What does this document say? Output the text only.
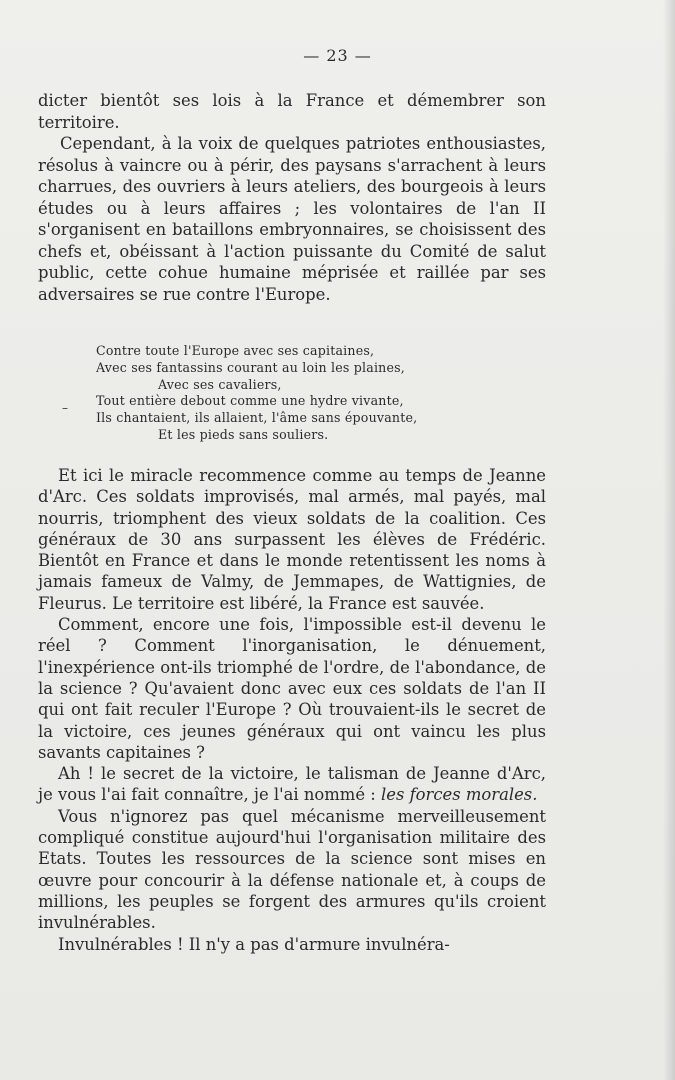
— 23 —

dicter bientôt ses lois à la France et démembrer son territoire.

Cependant, à la voix de quelques patriotes enthousiastes, résolus à vaincre ou à périr, des paysans s'arrachent à leurs charrues, des ouvriers à leurs ateliers, des bourgeois à leurs études ou à leurs affaires ; les volontaires de l'an II s'organisent en bataillons embryonnaires, se choisissent des chefs et, obéissant à l'action puissante du Comité de salut public, cette cohue humaine méprisée et raillée par ses adversaires se rue contre l'Europe.

–
Contre toute l'Europe avec ses capitaines,
Avec ses fantassins courant au loin les plaines,
Avec ses cavaliers,
Tout entière debout comme une hydre vivante,
Ils chantaient, ils allaient, l'âme sans épouvante,
Et les pieds sans souliers.

Et ici le miracle recommence comme au temps de Jeanne d'Arc. Ces soldats improvisés, mal armés, mal payés, mal nourris, triomphent des vieux soldats de la coalition. Ces généraux de 30 ans surpassent les élèves de Frédéric. Bientôt en France et dans le monde retentissent les noms à jamais fameux de Valmy, de Jemmapes, de Wattignies, de Fleurus. Le territoire est libéré, la France est sauvée.

Comment, encore une fois, l'impossible est-il devenu le réel ? Comment l'inorganisation, le dénuement, l'inexpérience ont-ils triomphé de l'ordre, de l'abondance, de la science ? Qu'avaient donc avec eux ces soldats de l'an II qui ont fait reculer l'Europe ? Où trouvaient-ils le secret de la victoire, ces jeunes généraux qui ont vaincu les plus savants capitaines ?

Ah ! le secret de la victoire, le talisman de Jeanne d'Arc, je vous l'ai fait connaître, je l'ai nommé : les forces morales.

Vous n'ignorez pas quel mécanisme merveilleusement compliqué constitue aujourd'hui l'organisation militaire des Etats. Toutes les ressources de la science sont mises en œuvre pour concourir à la défense nationale et, à coups de millions, les peuples se forgent des armures qu'ils croient invulnérables.

Invulnérables ! Il n'y a pas d'armure invulnéra-
